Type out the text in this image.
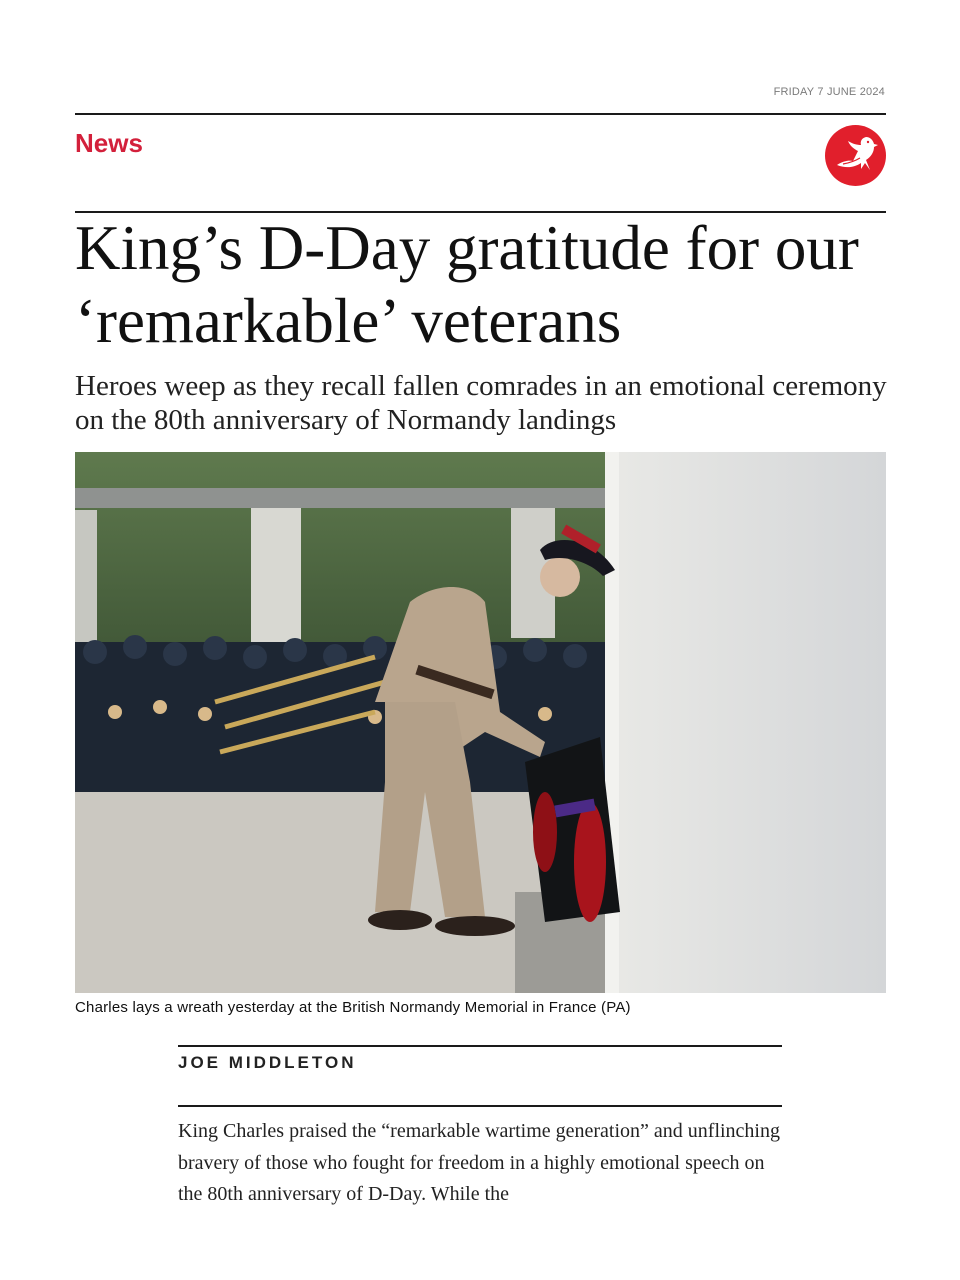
FRIDAY 7 JUNE 2024
News
King’s D-Day gratitude for our ‘remarkable’ veterans

Heroes weep as they recall fallen comrades in an emotional ceremony on the 80th anniversary of Normandy landings

Charles lays a wreath yesterday at the British Normandy Memorial in France (PA)
JOE MIDDLETON

King Charles praised the “remarkable wartime generation” and unflinching bravery of those who fought for freedom in a highly emotional speech on the 80th anniversary of D-Day. While the
